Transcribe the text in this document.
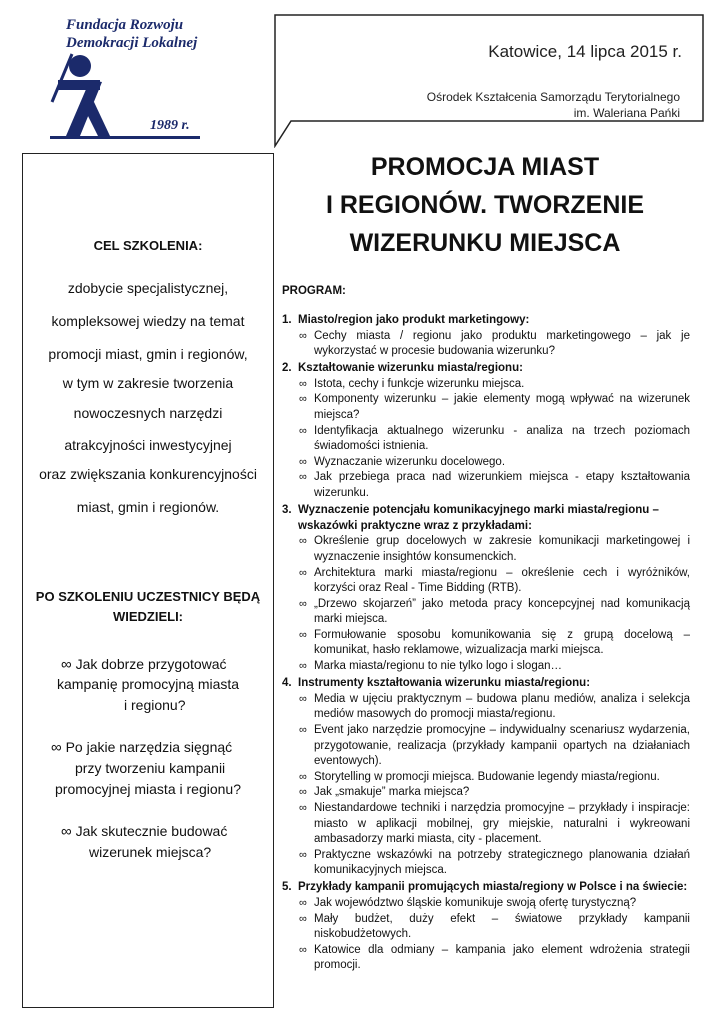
Fundacja Rozwoju
Demokracji Lokalnej
1989 r.
Katowice, 14 lipca 2015 r.
Ośrodek Kształcenia Samorządu Terytorialnego
im. Waleriana Pańki
CEL SZKOLENIA:
zdobycie specjalistycznej,
kompleksowej wiedzy na temat
promocji miast, gmin i regionów,
w tym w zakresie tworzenia
nowoczesnych narzędzi
atrakcyjności inwestycyjnej
oraz zwiększania konkurencyjności
miast, gmin i regionów.
PO SZKOLENIU UCZESTNICY BĘDĄ
WIEDZIELI:
∞ Jak dobrze przygotować
kampanię promocyjną miasta
i regionu?
∞ Po jakie narzędzia sięgnąć
przy tworzeniu kampanii
promocyjnej miasta i regionu?
∞ Jak skutecznie budować
wizerunek miejsca?
PROMOCJA MIAST
I REGIONÓW. TWORZENIE
WIZERUNKU MIEJSCA
PROGRAM:
1. Miasto/region jako produkt marketingowy:
∞ Cechy miasta / regionu jako produktu marketingowego – jak je wykorzystać w procesie budowania wizerunku?
2. Kształtowanie wizerunku miasta/regionu:
∞ Istota, cechy i funkcje wizerunku miejsca.
∞ Komponenty wizerunku – jakie elementy mogą wpływać na wizerunek miejsca?
∞ Identyfikacja aktualnego wizerunku - analiza na trzech poziomach świadomości istnienia.
∞ Wyznaczanie wizerunku docelowego.
∞ Jak przebiega praca nad wizerunkiem miejsca - etapy kształtowania wizerunku.
3. Wyznaczenie potencjału komunikacyjnego marki miasta/regionu – wskazówki praktyczne wraz z przykładami:
∞ Określenie grup docelowych w zakresie komunikacji marketingowej i wyznaczenie insightów konsumenckich.
∞ Architektura marki miasta/regionu – określenie cech i wyróżników, korzyści oraz Real - Time Bidding (RTB).
∞ „Drzewo skojarzeń” jako metoda pracy koncepcyjnej nad komunikacją marki miejsca.
∞ Formułowanie sposobu komunikowania się z grupą docelową – komunikat, hasło reklamowe, wizualizacja marki miejsca.
∞ Marka miasta/regionu to nie tylko logo i slogan…
4. Instrumenty kształtowania wizerunku miasta/regionu:
∞ Media w ujęciu praktycznym – budowa planu mediów, analiza i selekcja mediów masowych do promocji miasta/regionu.
∞ Event jako narzędzie promocyjne – indywidualny scenariusz wydarzenia, przygotowanie, realizacja (przykłady kampanii opartych na działaniach eventowych).
∞ Storytelling w promocji miejsca. Budowanie legendy miasta/regionu.
∞ Jak „smakuje” marka miejsca?
∞ Niestandardowe techniki i narzędzia promocyjne – przykłady i inspiracje: miasto w aplikacji mobilnej, gry miejskie, naturalni i wykreowani ambasadorzy marki miasta, city - placement.
∞ Praktyczne wskazówki na potrzeby strategicznego planowania działań komunikacyjnych miejsca.
5. Przykłady kampanii promujących miasta/regiony w Polsce i na świecie:
∞ Jak województwo śląskie komunikuje swoją ofertę turystyczną?
∞ Mały budżet, duży efekt – światowe przykłady kampanii niskobudżetowych.
∞ Katowice dla odmiany – kampania jako element wdrożenia strategii promocji.
